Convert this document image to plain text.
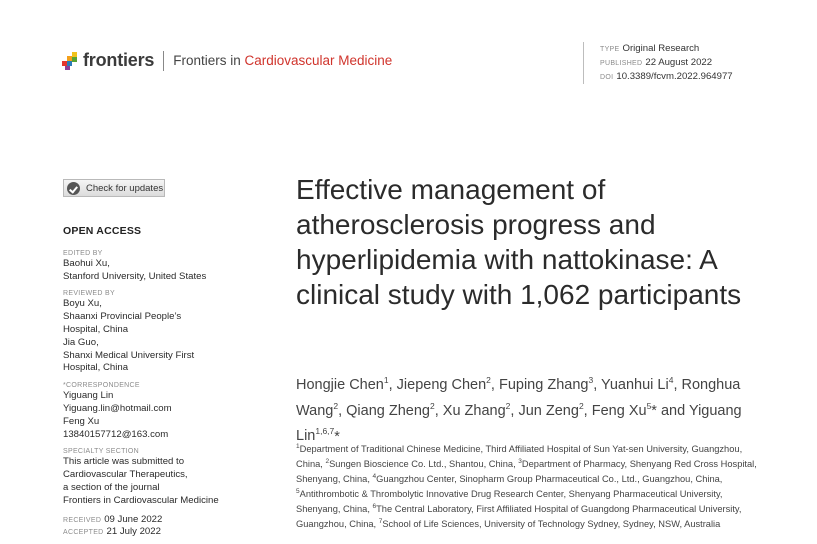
frontiers Frontiers in Cardiovascular Medicine
TYPE Original Research
PUBLISHED 22 August 2022
DOI 10.3389/fcvm.2022.964977
Check for updates
OPEN ACCESS
EDITED BY
Baohui Xu,
Stanford University, United States
REVIEWED BY
Boyu Xu,
Shaanxi Provincial People’s
Hospital, China
Jia Guo,
Shanxi Medical University First
Hospital, China
*CORRESPONDENCE
Yiguang Lin
Yiguang.lin@hotmail.com
Feng Xu
13840157712@163.com
SPECIALTY SECTION
This article was submitted to
Cardiovascular Therapeutics,
a section of the journal
Frontiers in Cardiovascular Medicine
RECEIVED 09 June 2022
ACCEPTED 21 July 2022
Effective management of atherosclerosis progress and hyperlipidemia with nattokinase: A clinical study with 1,062 participants
Hongjie Chen$^1$, Jiepeng Chen$^2$, Fuping Zhang$^3$, Yuanhui Li$^4$, Ronghua Wang$^2$, Qiang Zheng$^2$, Xu Zhang$^2$, Jun Zeng$^2$, Feng Xu$^5$* and Yiguang Lin$^{1,6,7}$*
$^1$Department of Traditional Chinese Medicine, Third Affiliated Hospital of Sun Yat-sen University, Guangzhou, China, $^2$Sungen Bioscience Co. Ltd., Shantou, China, $^3$Department of Pharmacy, Shenyang Red Cross Hospital, Shenyang, China, $^4$Guangzhou Center, Sinopharm Group Pharmaceutical Co., Ltd., Guangzhou, China, $^5$Antithrombotic & Thrombolytic Innovative Drug Research Center, Shenyang Pharmaceutical University, Shenyang, China, $^6$The Central Laboratory, First Affiliated Hospital of Guangdong Pharmaceutical University, Guangzhou, China, $^7$School of Life Sciences, University of Technology Sydney, Sydney, NSW, Australia
